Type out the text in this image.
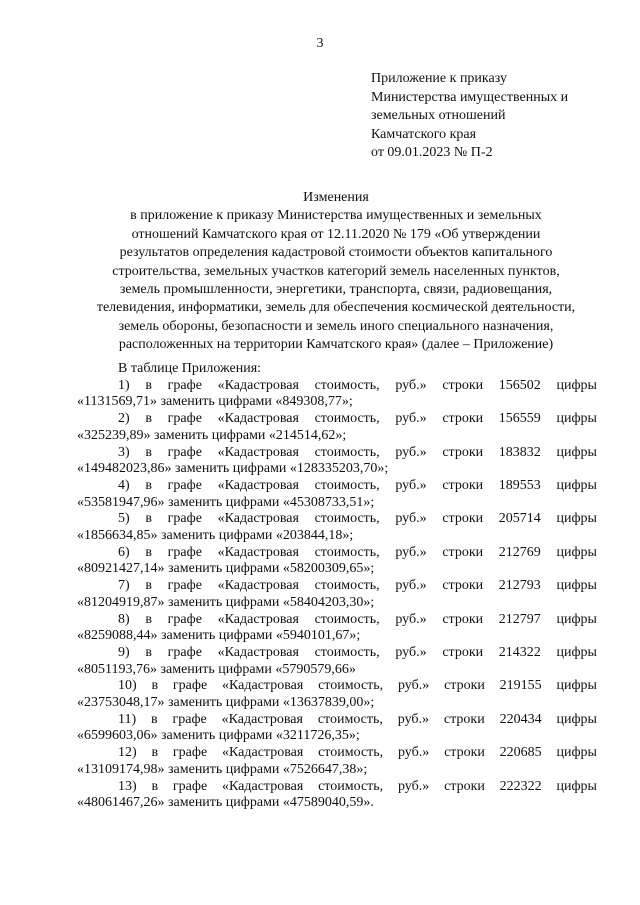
3
Приложение к приказу
Министерства имущественных и
земельных отношений
Камчатского края
от 09.01.2023 № П-2
Изменения
в приложение к приказу Министерства имущественных и земельных
отношений Камчатского края от 12.11.2020 № 179 «Об утверждении
результатов определения кадастровой стоимости объектов капитального
строительства, земельных участков категорий земель населенных пунктов,
земель промышленности, энергетики, транспорта, связи, радиовещания,
телевидения, информатики, земель для обеспечения космической деятельности,
земель обороны, безопасности и земель иного специального назначения,
расположенных на территории Камчатского края» (далее – Приложение)
В таблице Приложения:
1) в графе «Кадастровая стоимость, руб.» строки 156502 цифры
«1131569,71» заменить цифрами «849308,77»;
2) в графе «Кадастровая стоимость, руб.» строки 156559 цифры
«325239,89» заменить цифрами «214514,62»;
3) в графе «Кадастровая стоимость, руб.» строки 183832 цифры
«149482023,86» заменить цифрами «128335203,70»;
4) в графе «Кадастровая стоимость, руб.» строки 189553 цифры
«53581947,96» заменить цифрами «45308733,51»;
5) в графе «Кадастровая стоимость, руб.» строки 205714 цифры
«1856634,85» заменить цифрами «203844,18»;
6) в графе «Кадастровая стоимость, руб.» строки 212769 цифры
«80921427,14» заменить цифрами «58200309,65»;
7) в графе «Кадастровая стоимость, руб.» строки 212793 цифры
«81204919,87» заменить цифрами «58404203,30»;
8) в графе «Кадастровая стоимость, руб.» строки 212797 цифры
«8259088,44» заменить цифрами «5940101,67»;
9) в графе «Кадастровая стоимость, руб.» строки 214322 цифры
«8051193,76» заменить цифрами «5790579,66»
10) в графе «Кадастровая стоимость, руб.» строки 219155 цифры
«23753048,17» заменить цифрами «13637839,00»;
11) в графе «Кадастровая стоимость, руб.» строки 220434 цифры
«6599603,06» заменить цифрами «3211726,35»;
12) в графе «Кадастровая стоимость, руб.» строки 220685 цифры
«13109174,98» заменить цифрами «7526647,38»;
13) в графе «Кадастровая стоимость, руб.» строки 222322 цифры
«48061467,26» заменить цифрами «47589040,59».
